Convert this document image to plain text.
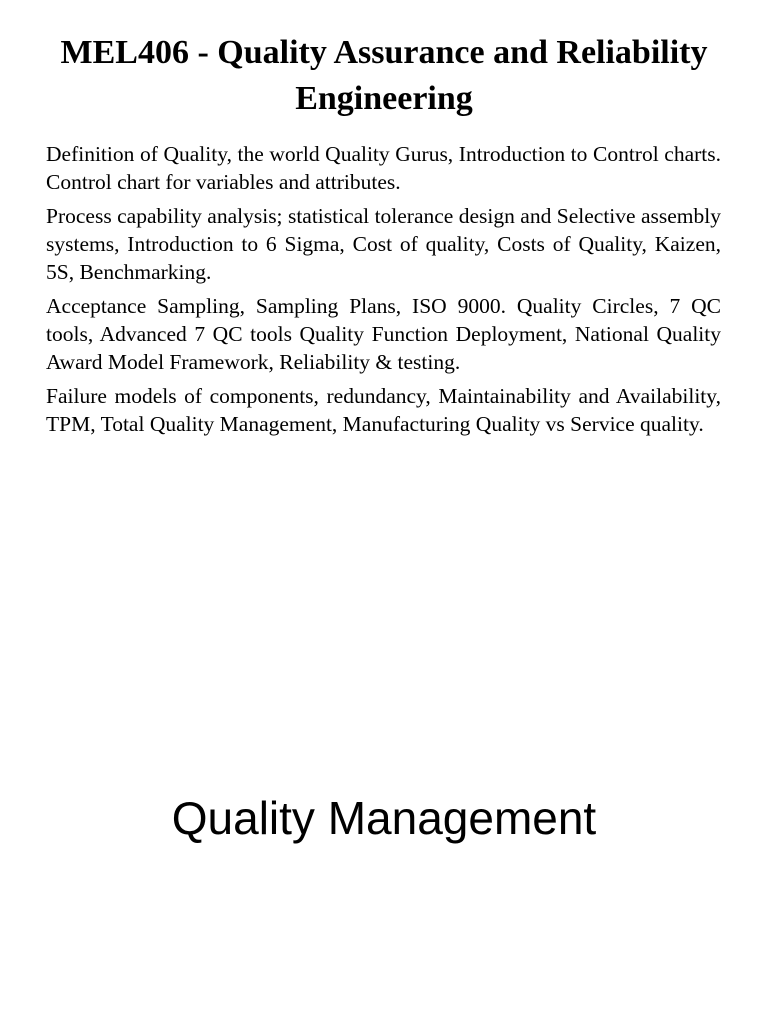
MEL406 - Quality Assurance and Reliability Engineering

Definition of Quality, the world Quality Gurus, Introduction to Control charts. Control chart for variables and attributes.

Process capability analysis; statistical tolerance design and Selective assembly systems, Introduction to 6 Sigma, Cost of quality, Costs of Quality, Kaizen, 5S, Benchmarking.

Acceptance Sampling, Sampling Plans, ISO 9000. Quality Circles, 7 QC tools, Advanced 7 QC tools Quality Function Deployment, National Quality Award Model Framework, Reliability & testing.

Failure models of components, redundancy, Maintainability and Availability, TPM, Total Quality Management, Manufacturing Quality vs Service quality.

Quality Management
